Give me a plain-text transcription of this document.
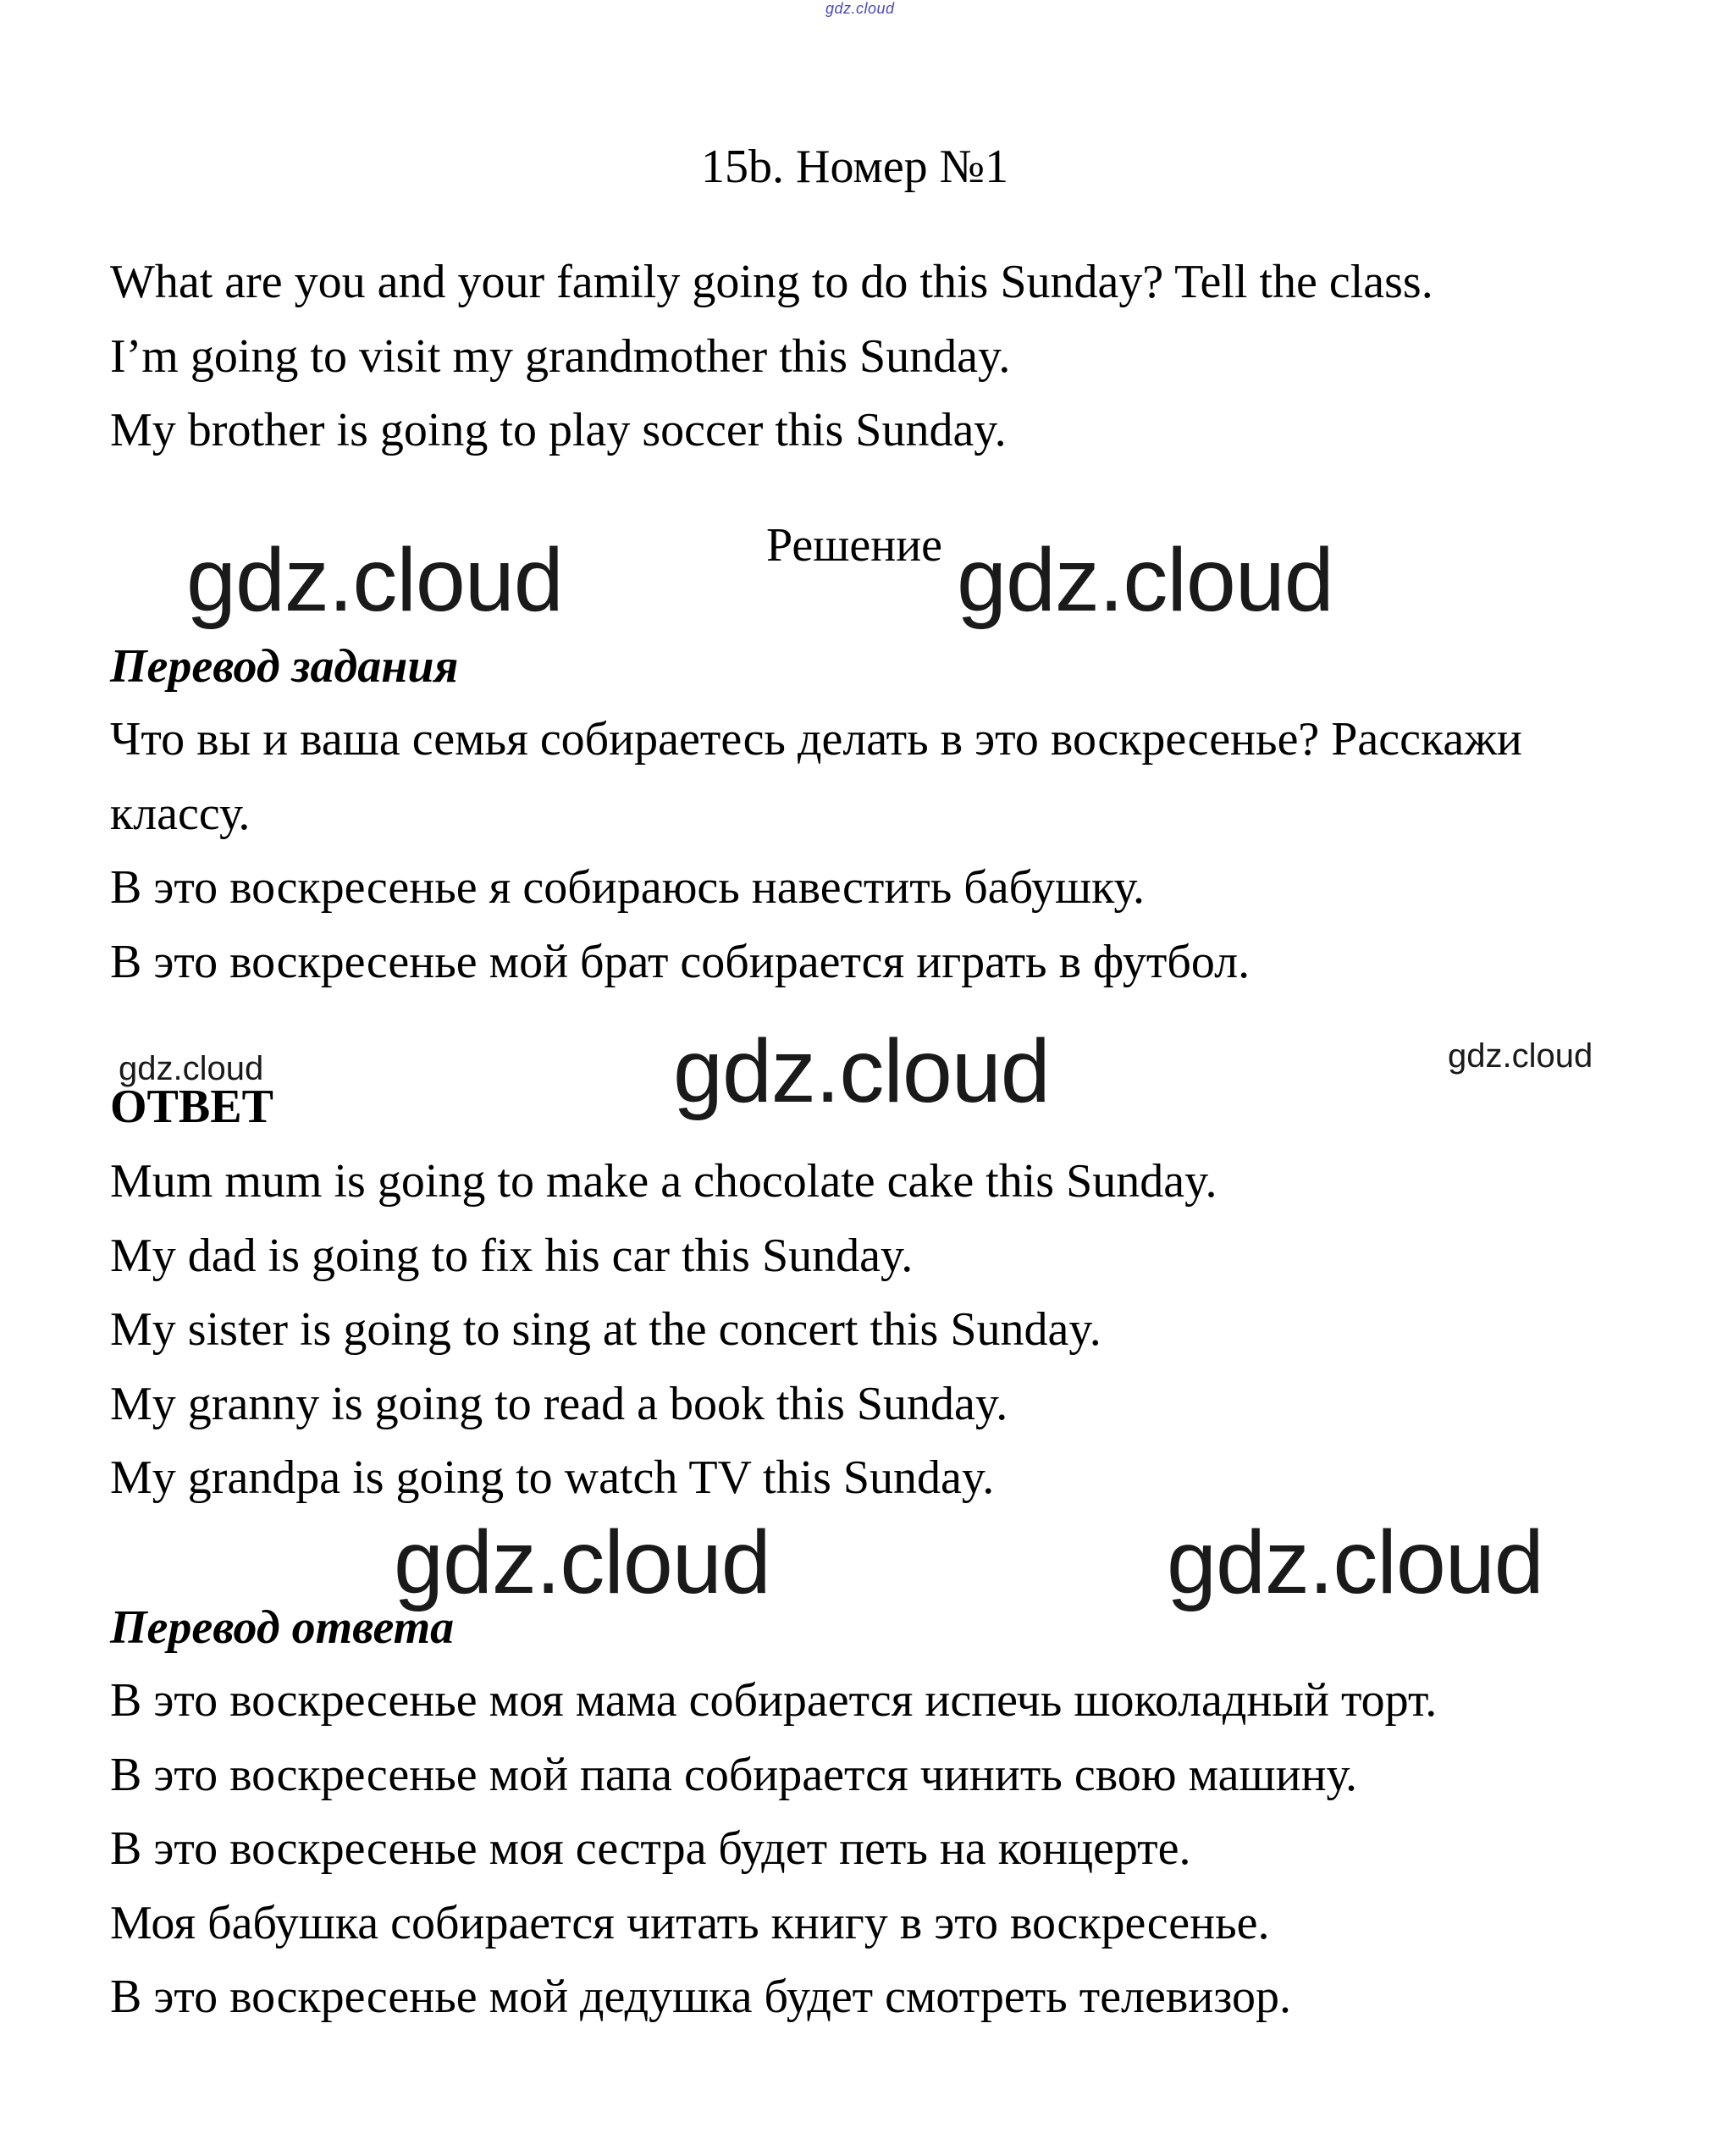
gdz.cloud
15b. Номер №1

What are you and your family going to do this Sunday? Tell the class.

I’m going to visit my grandmother this Sunday.

My brother is going to play soccer this Sunday.

gdz.cloud	Решение gdz.cloud
Перевод задания

Что вы и ваша семья собираетесь делать в это воскресенье? Расскажи классу.

В это воскресенье я собираюсь навестить бабушку.

В это воскресенье мой брат собирается играть в футбол.

gdz.cloud	gdz.cloud	gdz.cloud
ОТВЕТ

Mum mum is going to make a chocolate cake this Sunday.

My dad is going to fix his car this Sunday.

My sister is going to sing at the concert this Sunday.

My granny is going to read a book this Sunday.

My grandpa is going to watch TV this Sunday.

gdz.cloud	gdz.cloud
Перевод ответа

В это воскресенье моя мама собирается испечь шоколадный торт.

В это воскресенье мой папа собирается чинить свою машину.

В это воскресенье моя сестра будет петь на концерте.

Моя бабушка собирается читать книгу в это воскресенье.

В это воскресенье мой дедушка будет смотреть телевизор.
